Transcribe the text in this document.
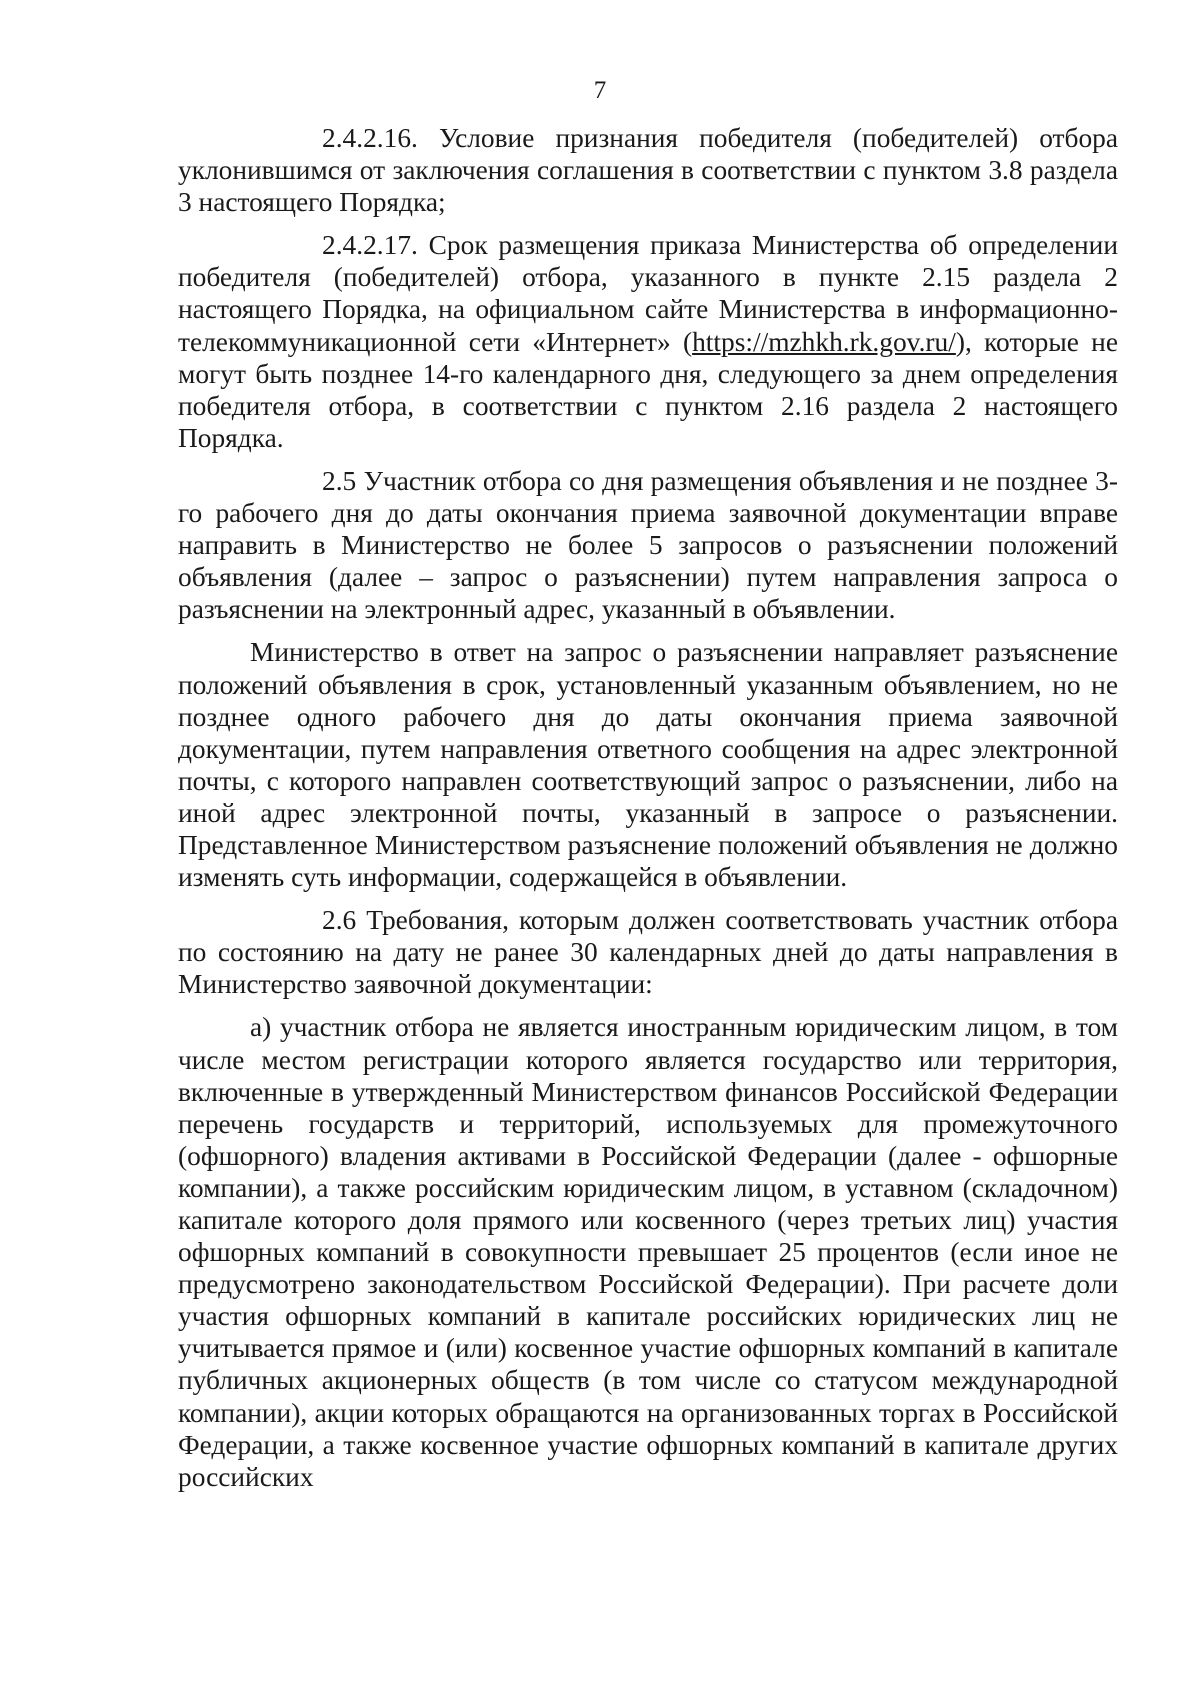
7

2.4.2.16. Условие признания победителя (победителей) отбора уклонившимся от заключения соглашения в соответствии с пунктом 3.8 раздела 3 настоящего Порядка;

2.4.2.17. Срок размещения приказа Министерства об определении победителя (победителей) отбора, указанного в пункте 2.15 раздела 2 настоящего Порядка, на официальном сайте Министерства в информационно-телекоммуникационной сети «Интернет» (https://mzhkh.rk.gov.ru/), которые не могут быть позднее 14-го календарного дня, следующего за днем определения победителя отбора, в соответствии с пунктом 2.16 раздела 2 настоящего Порядка.

2.5 Участник отбора со дня размещения объявления и не позднее 3-го рабочего дня до даты окончания приема заявочной документации вправе направить в Министерство не более 5 запросов о разъяснении положений объявления (далее – запрос о разъяснении) путем направления запроса о разъяснении на электронный адрес, указанный в объявлении.

Министерство в ответ на запрос о разъяснении направляет разъяснение положений объявления в срок, установленный указанным объявлением, но не позднее одного рабочего дня до даты окончания приема заявочной документации, путем направления ответного сообщения на адрес электронной почты, с которого направлен соответствующий запрос о разъяснении, либо на иной адрес электронной почты, указанный в запросе о разъяснении. Представленное Министерством разъяснение положений объявления не должно изменять суть информации, содержащейся в объявлении.

2.6 Требования, которым должен соответствовать участник отбора по состоянию на дату не ранее 30 календарных дней до даты направления в Министерство заявочной документации:

а) участник отбора не является иностранным юридическим лицом, в том числе местом регистрации которого является государство или территория, включенные в утвержденный Министерством финансов Российской Федерации перечень государств и территорий, используемых для промежуточного (офшорного) владения активами в Российской Федерации (далее - офшорные компании), а также российским юридическим лицом, в уставном (складочном) капитале которого доля прямого или косвенного (через третьих лиц) участия офшорных компаний в совокупности превышает 25 процентов (если иное не предусмотрено законодательством Российской Федерации). При расчете доли участия офшорных компаний в капитале российских юридических лиц не учитывается прямое и (или) косвенное участие офшорных компаний в капитале публичных акционерных обществ (в том числе со статусом международной компании), акции которых обращаются на организованных торгах в Российской Федерации, а также косвенное участие офшорных компаний в капитале других российских
